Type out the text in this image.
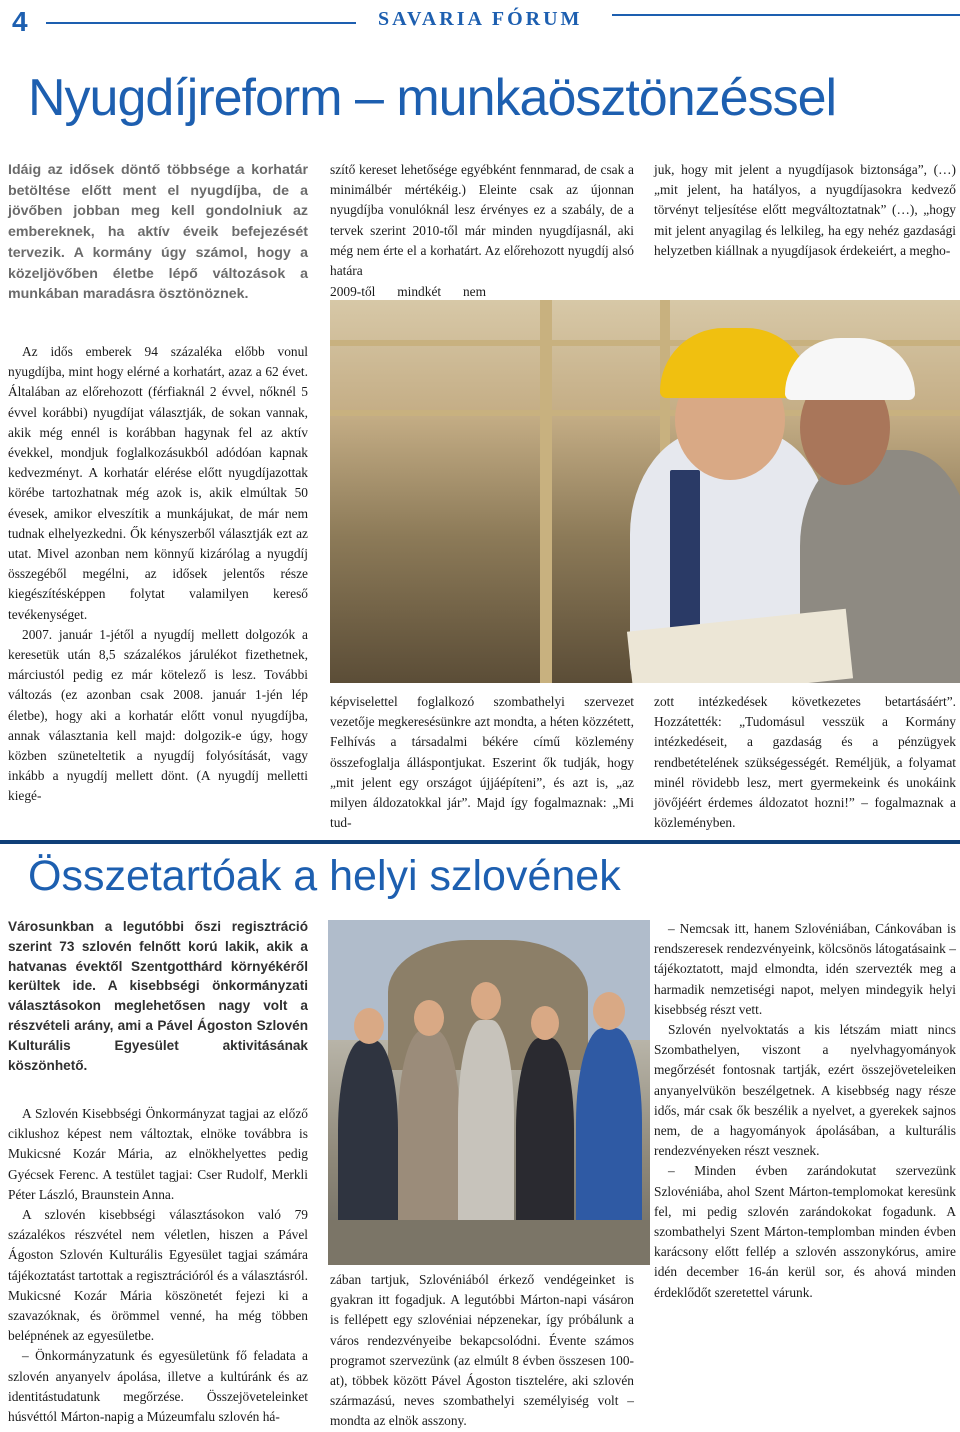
4	SAVARIA FÓRUM
Nyugdíjreform – munkaösztönzéssel
Idáig az idősek döntő többsége a korhatár betöltése előtt ment el nyugdíjba, de a jövőben jobban meg kell gondolniuk az embereknek, ha aktív éveik befejezését tervezik. A kormány úgy számol, hogy a közeljövőben életbe lépő változások a munkában maradásra ösztönöznek.

Az idős emberek 94 százaléka előbb vonul nyugdíjba, mint hogy elérné a korhatárt, azaz a 62 évet. Általában az előrehozott (férfiaknál 2 évvel, nőknél 5 évvel korábbi) nyugdíjat választják, de sokan vannak, akik még ennél is korábban hagynak fel az aktív évekkel, mondjuk foglalkozásukból adódóan kapnak kedvezményt. A korhatár elérése előtt nyugdíjazottak körébe tartozhatnak még azok is, akik elmúltak 50 évesek, amikor elveszítik a munkájukat, de már nem tudnak elhelyezkedni. Ők kényszerből választják ezt az utat. Mivel azonban nem könnyű kizárólag a nyugdíj összegéből megélni, az idősek jelentős része kiegészítésképpen folytat valamilyen kereső tevékenységet.

2007. január 1-jétől a nyugdíj mellett dolgozók a keresetük után 8,5 százalékos járulékot fizethetnek, márciustól pedig ez már kötelező is lesz. További változás (ez azonban csak 2008. január 1-jén lép életbe), hogy aki a korhatár előtt vonul nyugdíjba, annak választania kell majd: dolgozik-e úgy, hogy közben szüneteltetik a nyugdíj folyósítását, vagy inkább a nyugdíj mellett dönt. (A nyugdíj melletti kiegé-

szítő kereset lehetősége egyébként fennmarad, de csak a minimálbér mértékéig.) Eleinte csak az újonnan nyugdíjba vonulóknál lesz érvényes ez a szabály, de a tervek szerint 2010-től már minden nyugdíjasnál, aki még nem érte el a korhatárt. Az előrehozott nyugdíj alsó határa

2009-től mindkét nem

képviselettel foglalkozó szombathelyi szervezet vezetője megkeresésünkre azt mondta, a héten közzétett, Felhívás a társadalmi békére című közlemény összefoglalja álláspontjukat. Eszerint ők tudják, hogy „mit jelent egy országot újjáépíteni”, és azt is, „az milyen áldozatokkal jár”. Majd így fogalmaznak: „Mi tud-

juk, hogy mit jelent a nyugdíjasok biztonsága”, (…) „mit jelent, ha hatályos, a nyugdíjasokra kedvező törvényt teljesítése előtt megváltoztatnak” (…), „hogy mit jelent anyagilag és lelkileg, ha egy nehéz gazdasági helyzetben kiállnak a nyugdíjasok érdekeiért, a megho-

zott intézkedések következetes betartásáért”. Hozzátették: „Tudomásul vesszük a Kormány intézkedéseit, a gazdaság és a pénzügyek rendbetételének szükségességét. Reméljük, a folyamat minél rövidebb lesz, mert gyermekeink és unokáink jövőjéért érdemes áldozatot hozni!” – fogalmaznak a közleményben.

Összetartóak a helyi szlovének
Városunkban a legutóbbi őszi regisztráció szerint 73 szlovén felnőtt korú lakik, akik a hatvanas évektől Szentgotthárd környékéről kerültek ide. A kisebbségi önkormányzati választásokon meglehetősen nagy volt a részvételi arány, ami a Pável Ágoston Szlovén Kulturális Egyesület aktivitásának köszönhető.

A Szlovén Kisebbségi Önkormányzat tagjai az előző ciklushoz képest nem változtak, elnöke továbbra is Mukicsné Kozár Mária, az elnökhelyettes pedig Gyécsek Ferenc. A testület tagjai: Cser Rudolf, Merkli Péter László, Braunstein Anna.

A szlovén kisebbségi választásokon való 79 százalékos részvétel nem véletlen, hiszen a Pável Ágoston Szlovén Kulturális Egyesület tagjai számára tájékoztatást tartottak a regisztrációról és a választásról. Mukicsné Kozár Mária köszönetét fejezi ki a szavazóknak, és örömmel venné, ha még többen belépnének az egyesületbe.

– Önkormányzatunk és egyesületünk fő feladata a szlovén anyanyelv ápolása, illetve a kultúránk és az identitástudatunk megőrzése. Összejöveteleinket húsvéttól Márton-napig a Múzeumfalu szlovén há-

zában tartjuk, Szlovéniából érkező vendégeinket is gyakran itt fogadjuk. A legutóbbi Márton-napi vásáron is fellépett egy szlovéniai népzenekar, így próbálunk a város rendezvényeibe bekapcsolódni. Évente számos programot szervezünk (az elmúlt 8 évben összesen 100-at), többek között Pável Ágoston tisztelére, aki szlovén származású, neves szombathelyi személyiség volt – mondta az elnök asszony.

– Nemcsak itt, hanem Szlovéniában, Cánkovában is rendszeresek rendezvényeink, kölcsönös látogatásaink – tájékoztatott, majd elmondta, idén szervezték meg a harmadik nemzetiségi napot, melyen mindegyik helyi kisebbség részt vett.

Szlovén nyelvoktatás a kis létszám miatt nincs Szombathelyen, viszont a nyelvhagyományok megőrzését fontosnak tartják, ezért összejöveteleiken anyanyelvükön beszélgetnek. A kisebbség nagy része idős, már csak ők beszélik a nyelvet, a gyerekek sajnos nem, de a hagyományok ápolásában, a kulturális rendezvényeken részt vesznek.

– Minden évben zarándokutat szervezünk Szlovéniába, ahol Szent Márton-templomokat keresünk fel, mi pedig szlovén zarándokokat fogadunk. A szombathelyi Szent Márton-templomban minden évben karácsony előtt fellép a szlovén asszonykórus, amire idén december 16-án kerül sor, és ahová minden érdeklődőt szeretettel várunk.
